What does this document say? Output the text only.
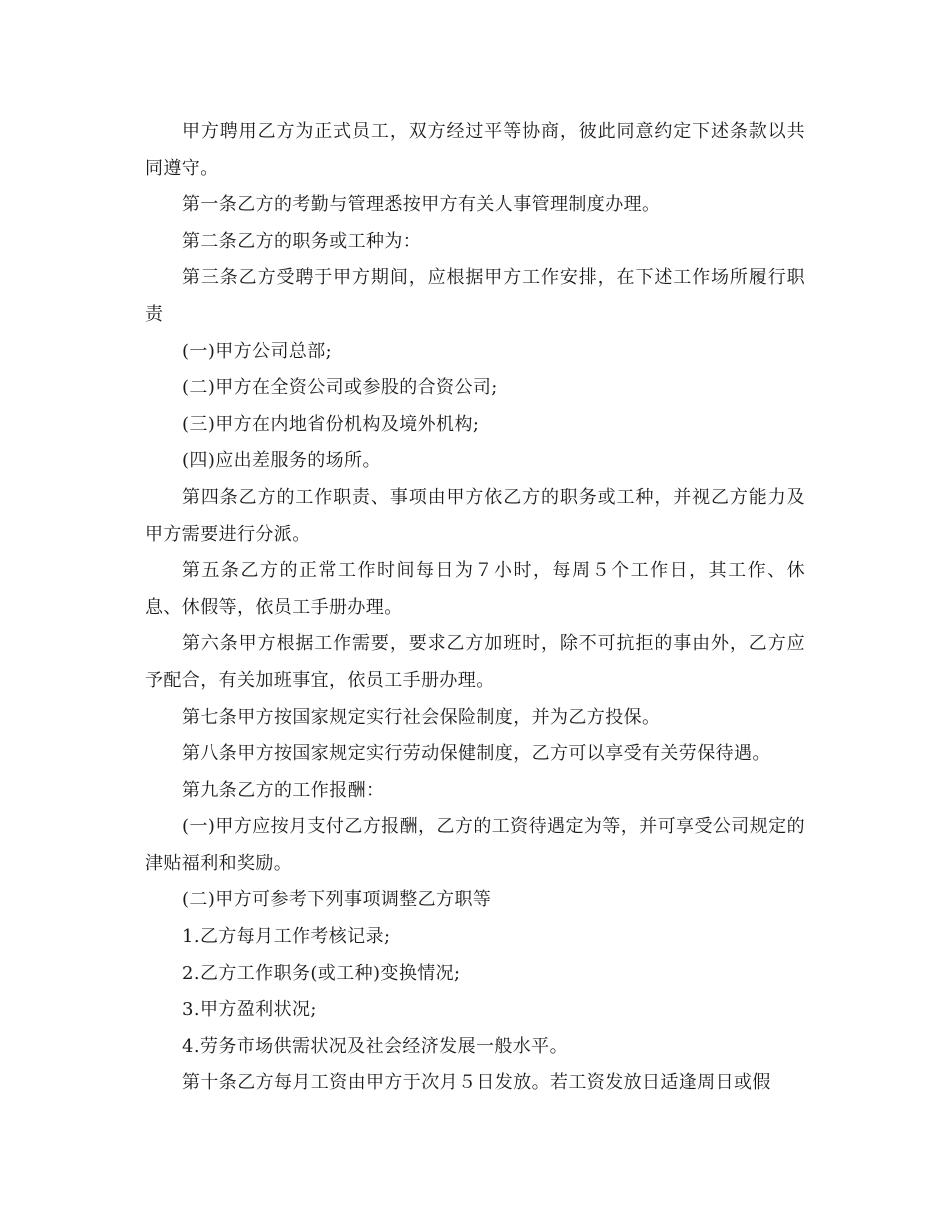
甲方聘用乙方为正式员工，双方经过平等协商，彼此同意约定下述条款以共同遵守。

第一条乙方的考勤与管理悉按甲方有关人事管理制度办理。

第二条乙方的职务或工种为：

第三条乙方受聘于甲方期间，应根据甲方工作安排，在下述工作场所履行职责

(一)甲方公司总部;

(二)甲方在全资公司或参股的合资公司;

(三)甲方在内地省份机构及境外机构;

(四)应出差服务的场所。

第四条乙方的工作职责、事项由甲方依乙方的职务或工种，并视乙方能力及甲方需要进行分派。

第五条乙方的正常工作时间每日为７小时，每周５个工作日，其工作、休息、休假等，依员工手册办理。

第六条甲方根据工作需要，要求乙方加班时，除不可抗拒的事由外，乙方应予配合，有关加班事宜，依员工手册办理。

第七条甲方按国家规定实行社会保险制度，并为乙方投保。

第八条甲方按国家规定实行劳动保健制度，乙方可以享受有关劳保待遇。

第九条乙方的工作报酬：

(一)甲方应按月支付乙方报酬，乙方的工资待遇定为等，并可享受公司规定的津贴福利和奖励。

(二)甲方可参考下列事项调整乙方职等

1.乙方每月工作考核记录;

2.乙方工作职务(或工种)变换情况;

3.甲方盈利状况;

4.劳务市场供需状况及社会经济发展一般水平。

第十条乙方每月工资由甲方于次月５日发放。若工资发放日适逢周日或假
